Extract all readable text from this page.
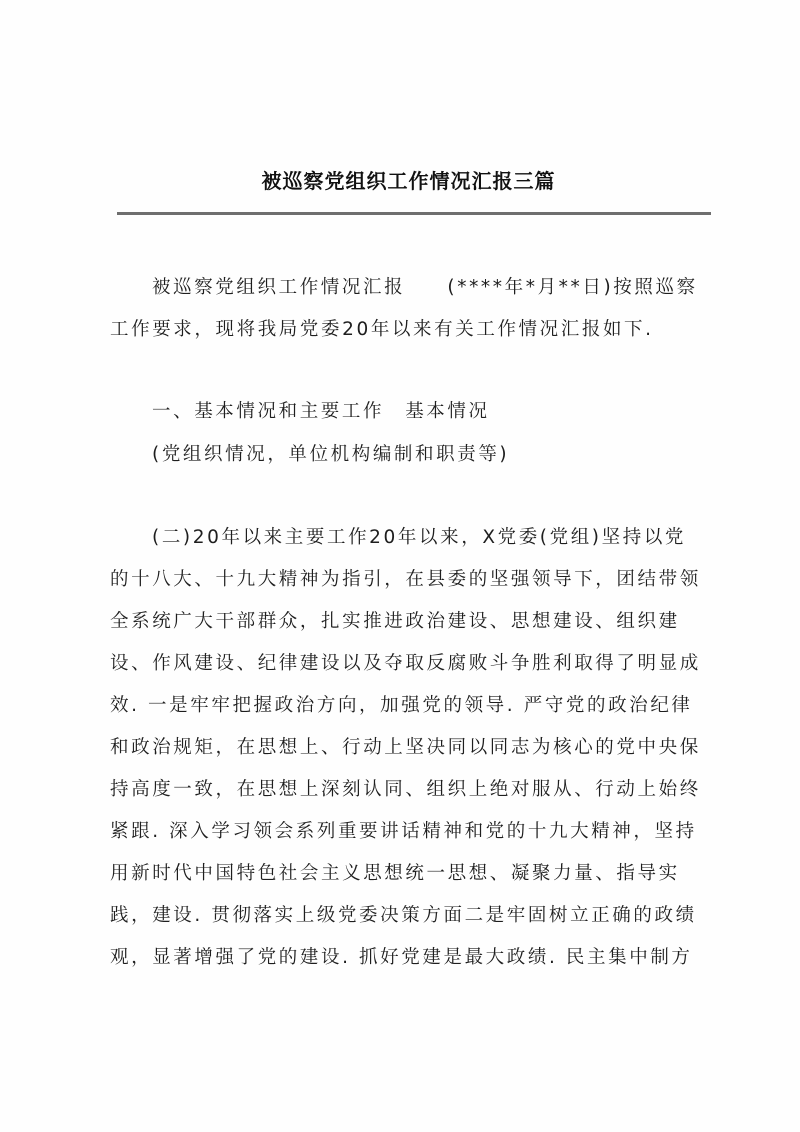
被巡察党组织工作情况汇报三篇
被巡察党组织工作情况汇报　　(****年*月**日)按照巡察
工作要求，现将我局党委20年以来有关工作情况汇报如下.
一、基本情况和主要工作　基本情况
(党组织情况，单位机构编制和职责等)
(二)20年以来主要工作20年以来，X党委(党组)坚持以党
的十八大、十九大精神为指引，在县委的坚强领导下，团结带领
全系统广大干部群众，扎实推进政治建设、思想建设、组织建
设、作风建设、纪律建设以及夺取反腐败斗争胜利取得了明显成
效. 一是牢牢把握政治方向，加强党的领导. 严守党的政治纪律
和政治规矩，在思想上、行动上坚决同以同志为核心的党中央保
持高度一致，在思想上深刻认同、组织上绝对服从、行动上始终
紧跟. 深入学习领会系列重要讲话精神和党的十九大精神，坚持
用新时代中国特色社会主义思想统一思想、凝聚力量、指导实
践，建设. 贯彻落实上级党委决策方面二是牢固树立正确的政绩
观，显著增强了党的建设. 抓好党建是最大政绩. 民主集中制方
